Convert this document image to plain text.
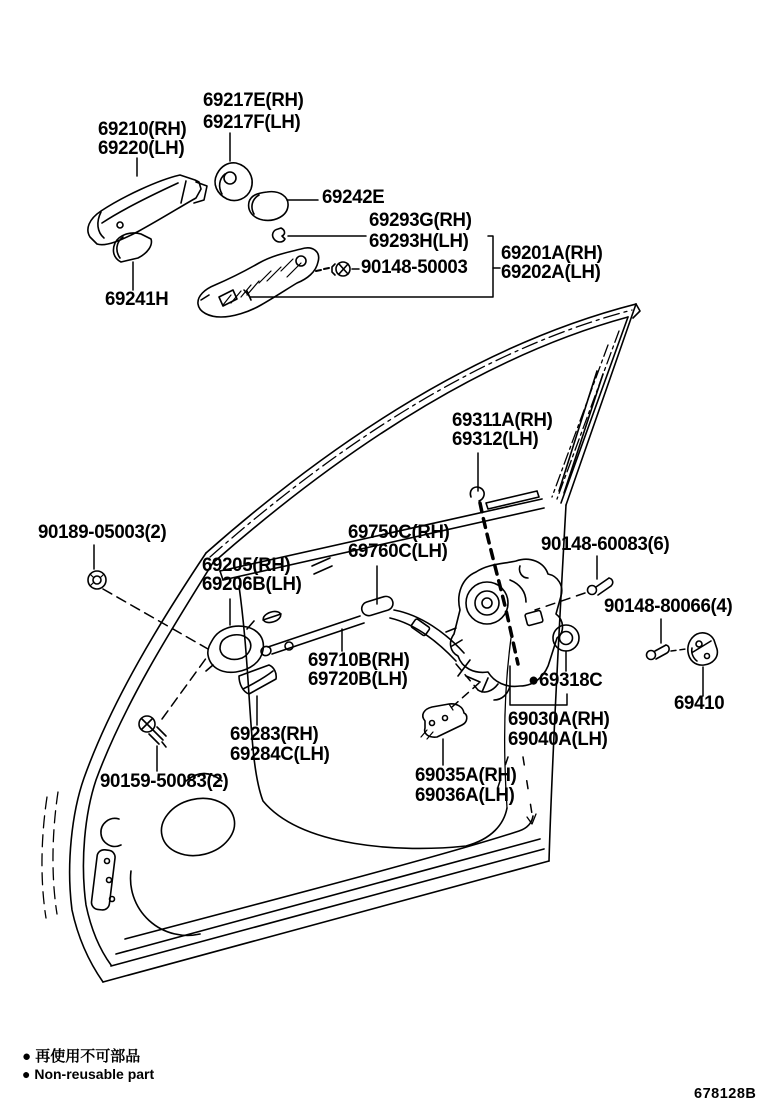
69217E(RH)
69217F(LH)
69210(RH)
69220(LH)
69242E
69293G(RH)
69293H(LH)
90148-50003
69201A(RH)
69202A(LH)
69241H
69311A(RH)
69312(LH)
90189-05003(2)
69205(RH)
69206B(LH)
69750C(RH)
69760C(LH)	90148-60083(6)
90148-80066(4)
69710B(RH)
69720B(LH)	●69318C
69410
69030A(RH)
69040A(LH)
69035A(RH)
69036A(LH)
69283(RH)
69284C(LH)
90159-50083(2)
● 再使用不可部品
● Non-reusable part
678128B
